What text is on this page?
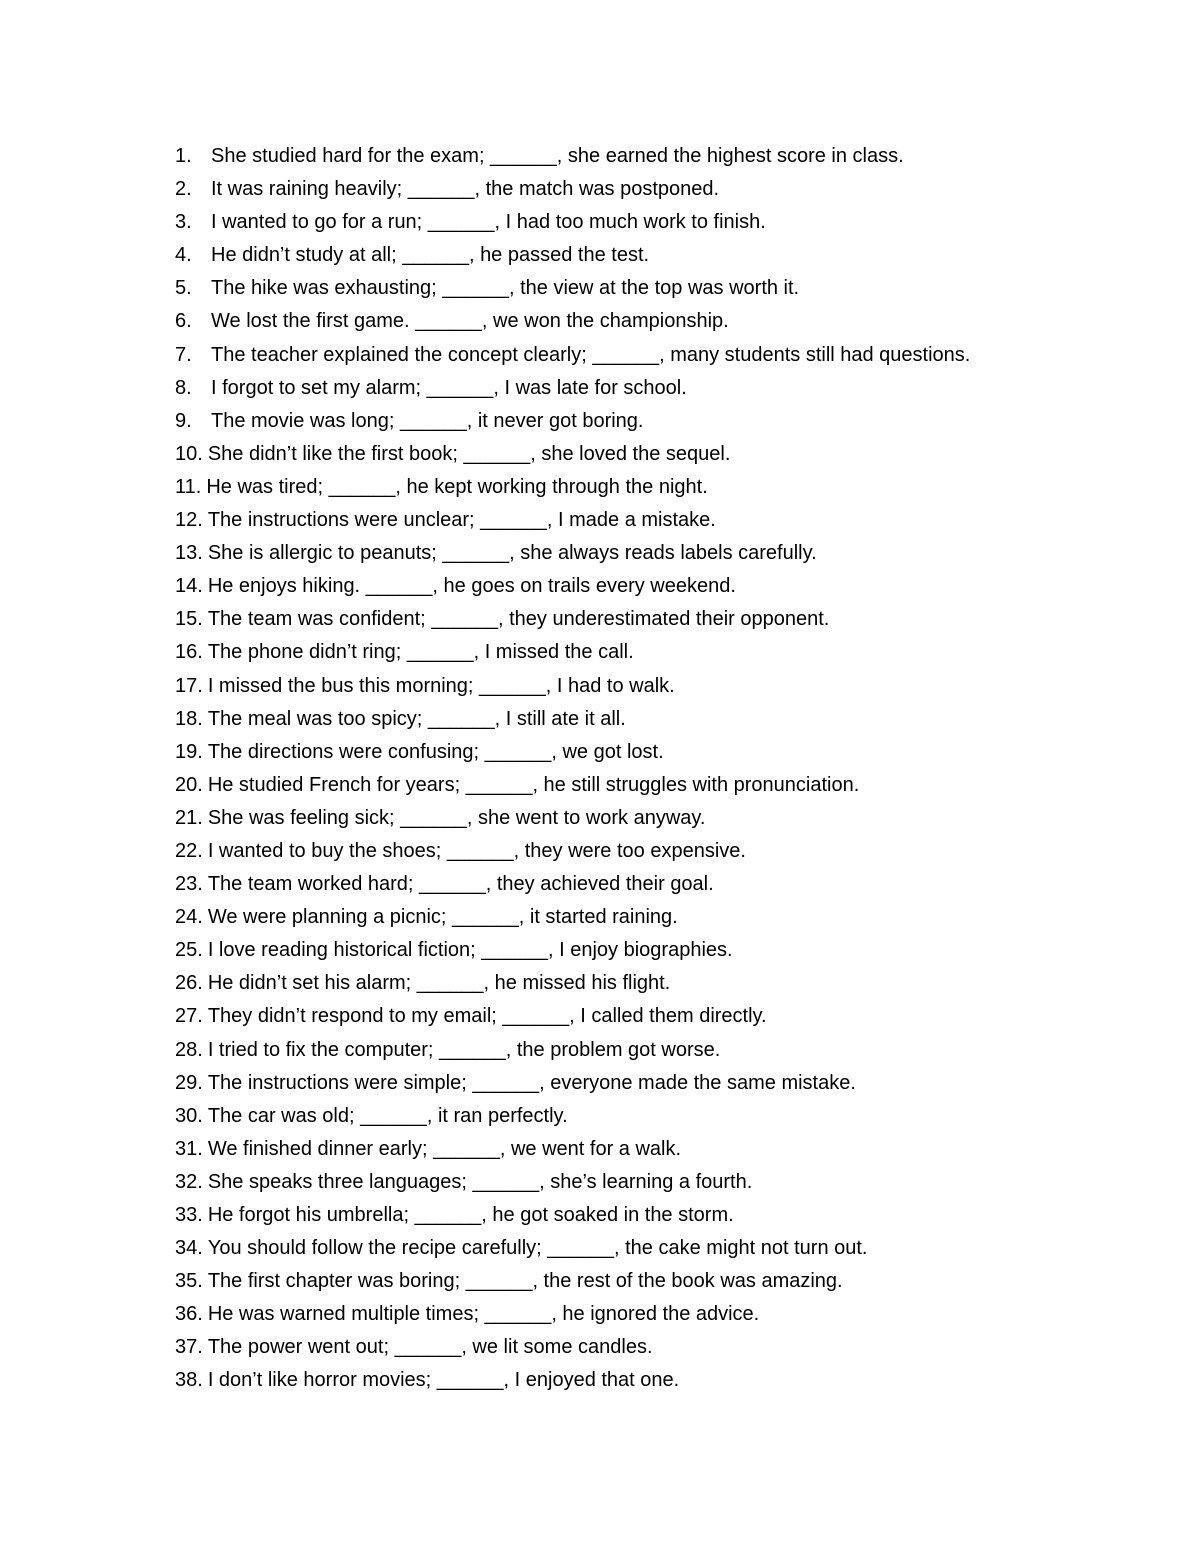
1. She studied hard for the exam; ______, she earned the highest score in class.
2. It was raining heavily; ______, the match was postponed.
3. I wanted to go for a run; ______, I had too much work to finish.
4. He didn’t study at all; ______, he passed the test.
5. The hike was exhausting; ______, the view at the top was worth it.
6. We lost the first game. ______, we won the championship.
7. The teacher explained the concept clearly; ______, many students still had questions.
8. I forgot to set my alarm; ______, I was late for school.
9. The movie was long; ______, it never got boring.
10. She didn’t like the first book; ______, she loved the sequel.
11. He was tired; ______, he kept working through the night.
12. The instructions were unclear; ______, I made a mistake.
13. She is allergic to peanuts; ______, she always reads labels carefully.
14. He enjoys hiking. ______, he goes on trails every weekend.
15. The team was confident; ______, they underestimated their opponent.
16. The phone didn’t ring; ______, I missed the call.
17. I missed the bus this morning; ______, I had to walk.
18. The meal was too spicy; ______, I still ate it all.
19. The directions were confusing; ______, we got lost.
20. He studied French for years; ______, he still struggles with pronunciation.
21. She was feeling sick; ______, she went to work anyway.
22. I wanted to buy the shoes; ______, they were too expensive.
23. The team worked hard; ______, they achieved their goal.
24. We were planning a picnic; ______, it started raining.
25. I love reading historical fiction; ______, I enjoy biographies.
26. He didn’t set his alarm; ______, he missed his flight.
27. They didn’t respond to my email; ______, I called them directly.
28. I tried to fix the computer; ______, the problem got worse.
29. The instructions were simple; ______, everyone made the same mistake.
30. The car was old; ______, it ran perfectly.
31. We finished dinner early; ______, we went for a walk.
32. She speaks three languages; ______, she’s learning a fourth.
33. He forgot his umbrella; ______, he got soaked in the storm.
34. You should follow the recipe carefully; ______, the cake might not turn out.
35. The first chapter was boring; ______, the rest of the book was amazing.
36. He was warned multiple times; ______, he ignored the advice.
37. The power went out; ______, we lit some candles.
38. I don’t like horror movies; ______, I enjoyed that one.
